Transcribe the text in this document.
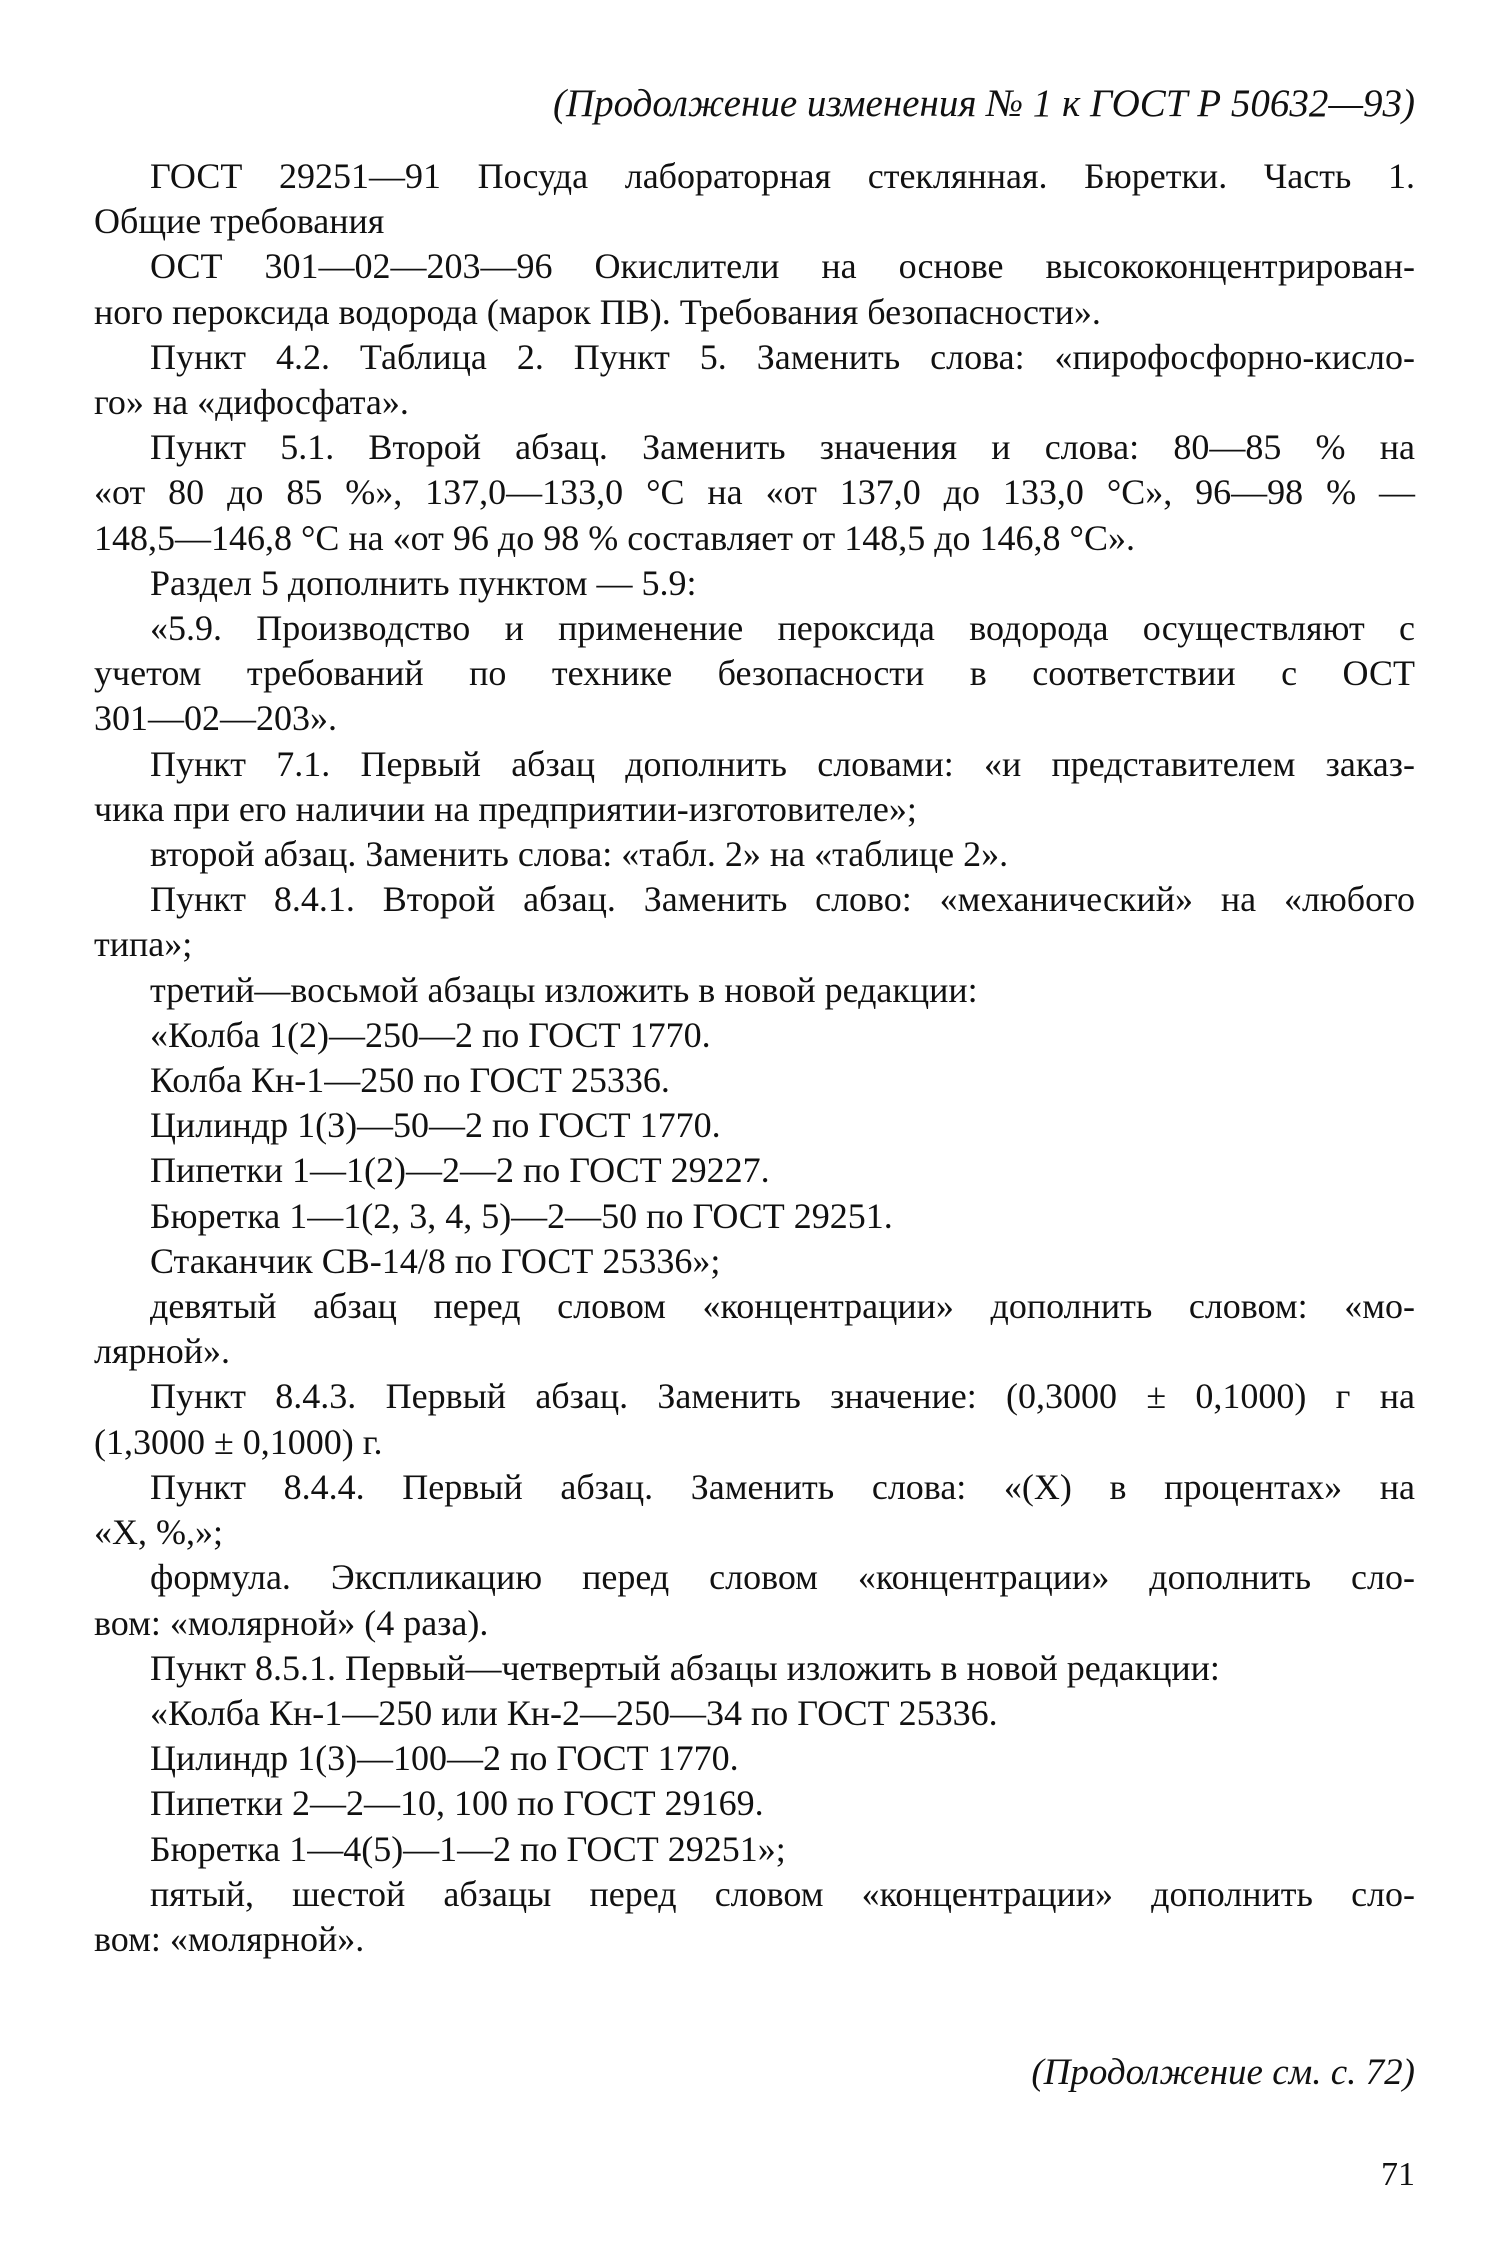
(Продолжение изменения № 1 к ГОСТ Р 50632—93)
ГОСТ 29251—91 Посуда лабораторная стеклянная. Бюретки. Часть 1.
Общие требования
ОСТ 301—02—203—96 Окислители на основе высококонцентрирован-
ного пероксида водорода (марок ПВ). Требования безопасности».
Пункт 4.2. Таблица 2. Пункт 5. Заменить слова: «пирофосфорно-кисло-
го» на «дифосфата».
Пункт 5.1. Второй абзац. Заменить значения и слова: 80—85 % на
«от 80 до 85 %», 137,0—133,0 °С на «от 137,0 до 133,0 °С», 96—98 % —
148,5—146,8 °С на «от 96 до 98 % составляет от 148,5 до 146,8 °С».
Раздел 5 дополнить пунктом — 5.9:
«5.9. Производство и применение пероксида водорода осуществляют с
учетом требований по технике безопасности в соответствии с ОСТ
301—02—203».
Пункт 7.1. Первый абзац дополнить словами: «и представителем заказ-
чика при его наличии на предприятии-изготовителе»;
второй абзац. Заменить слова: «табл. 2» на «таблице 2».
Пункт 8.4.1. Второй абзац. Заменить слово: «механический» на «любого
типа»;
третий—восьмой абзацы изложить в новой редакции:
«Колба 1(2)—250—2 по ГОСТ 1770.
Колба Кн-1—250 по ГОСТ 25336.
Цилиндр 1(3)—50—2 по ГОСТ 1770.
Пипетки 1—1(2)—2—2 по ГОСТ 29227.
Бюретка 1—1(2, 3, 4, 5)—2—50 по ГОСТ 29251.
Стаканчик СВ-14/8 по ГОСТ 25336»;
девятый абзац перед словом «концентрации» дополнить словом: «мо-
лярной».
Пункт 8.4.3. Первый абзац. Заменить значение: (0,3000 ± 0,1000) г на
(1,3000 ± 0,1000) г.
Пункт 8.4.4. Первый абзац. Заменить слова: «(X) в процентах» на
«X, %,»;
формула. Экспликацию перед словом «концентрации» дополнить сло-
вом: «молярной» (4 раза).
Пункт 8.5.1. Первый—четвертый абзацы изложить в новой редакции:
«Колба Кн-1—250 или Кн-2—250—34 по ГОСТ 25336.
Цилиндр 1(3)—100—2 по ГОСТ 1770.
Пипетки 2—2—10, 100 по ГОСТ 29169.
Бюретка 1—4(5)—1—2 по ГОСТ 29251»;
пятый, шестой абзацы перед словом «концентрации» дополнить сло-
вом: «молярной».
(Продолжение см. с. 72)
71
